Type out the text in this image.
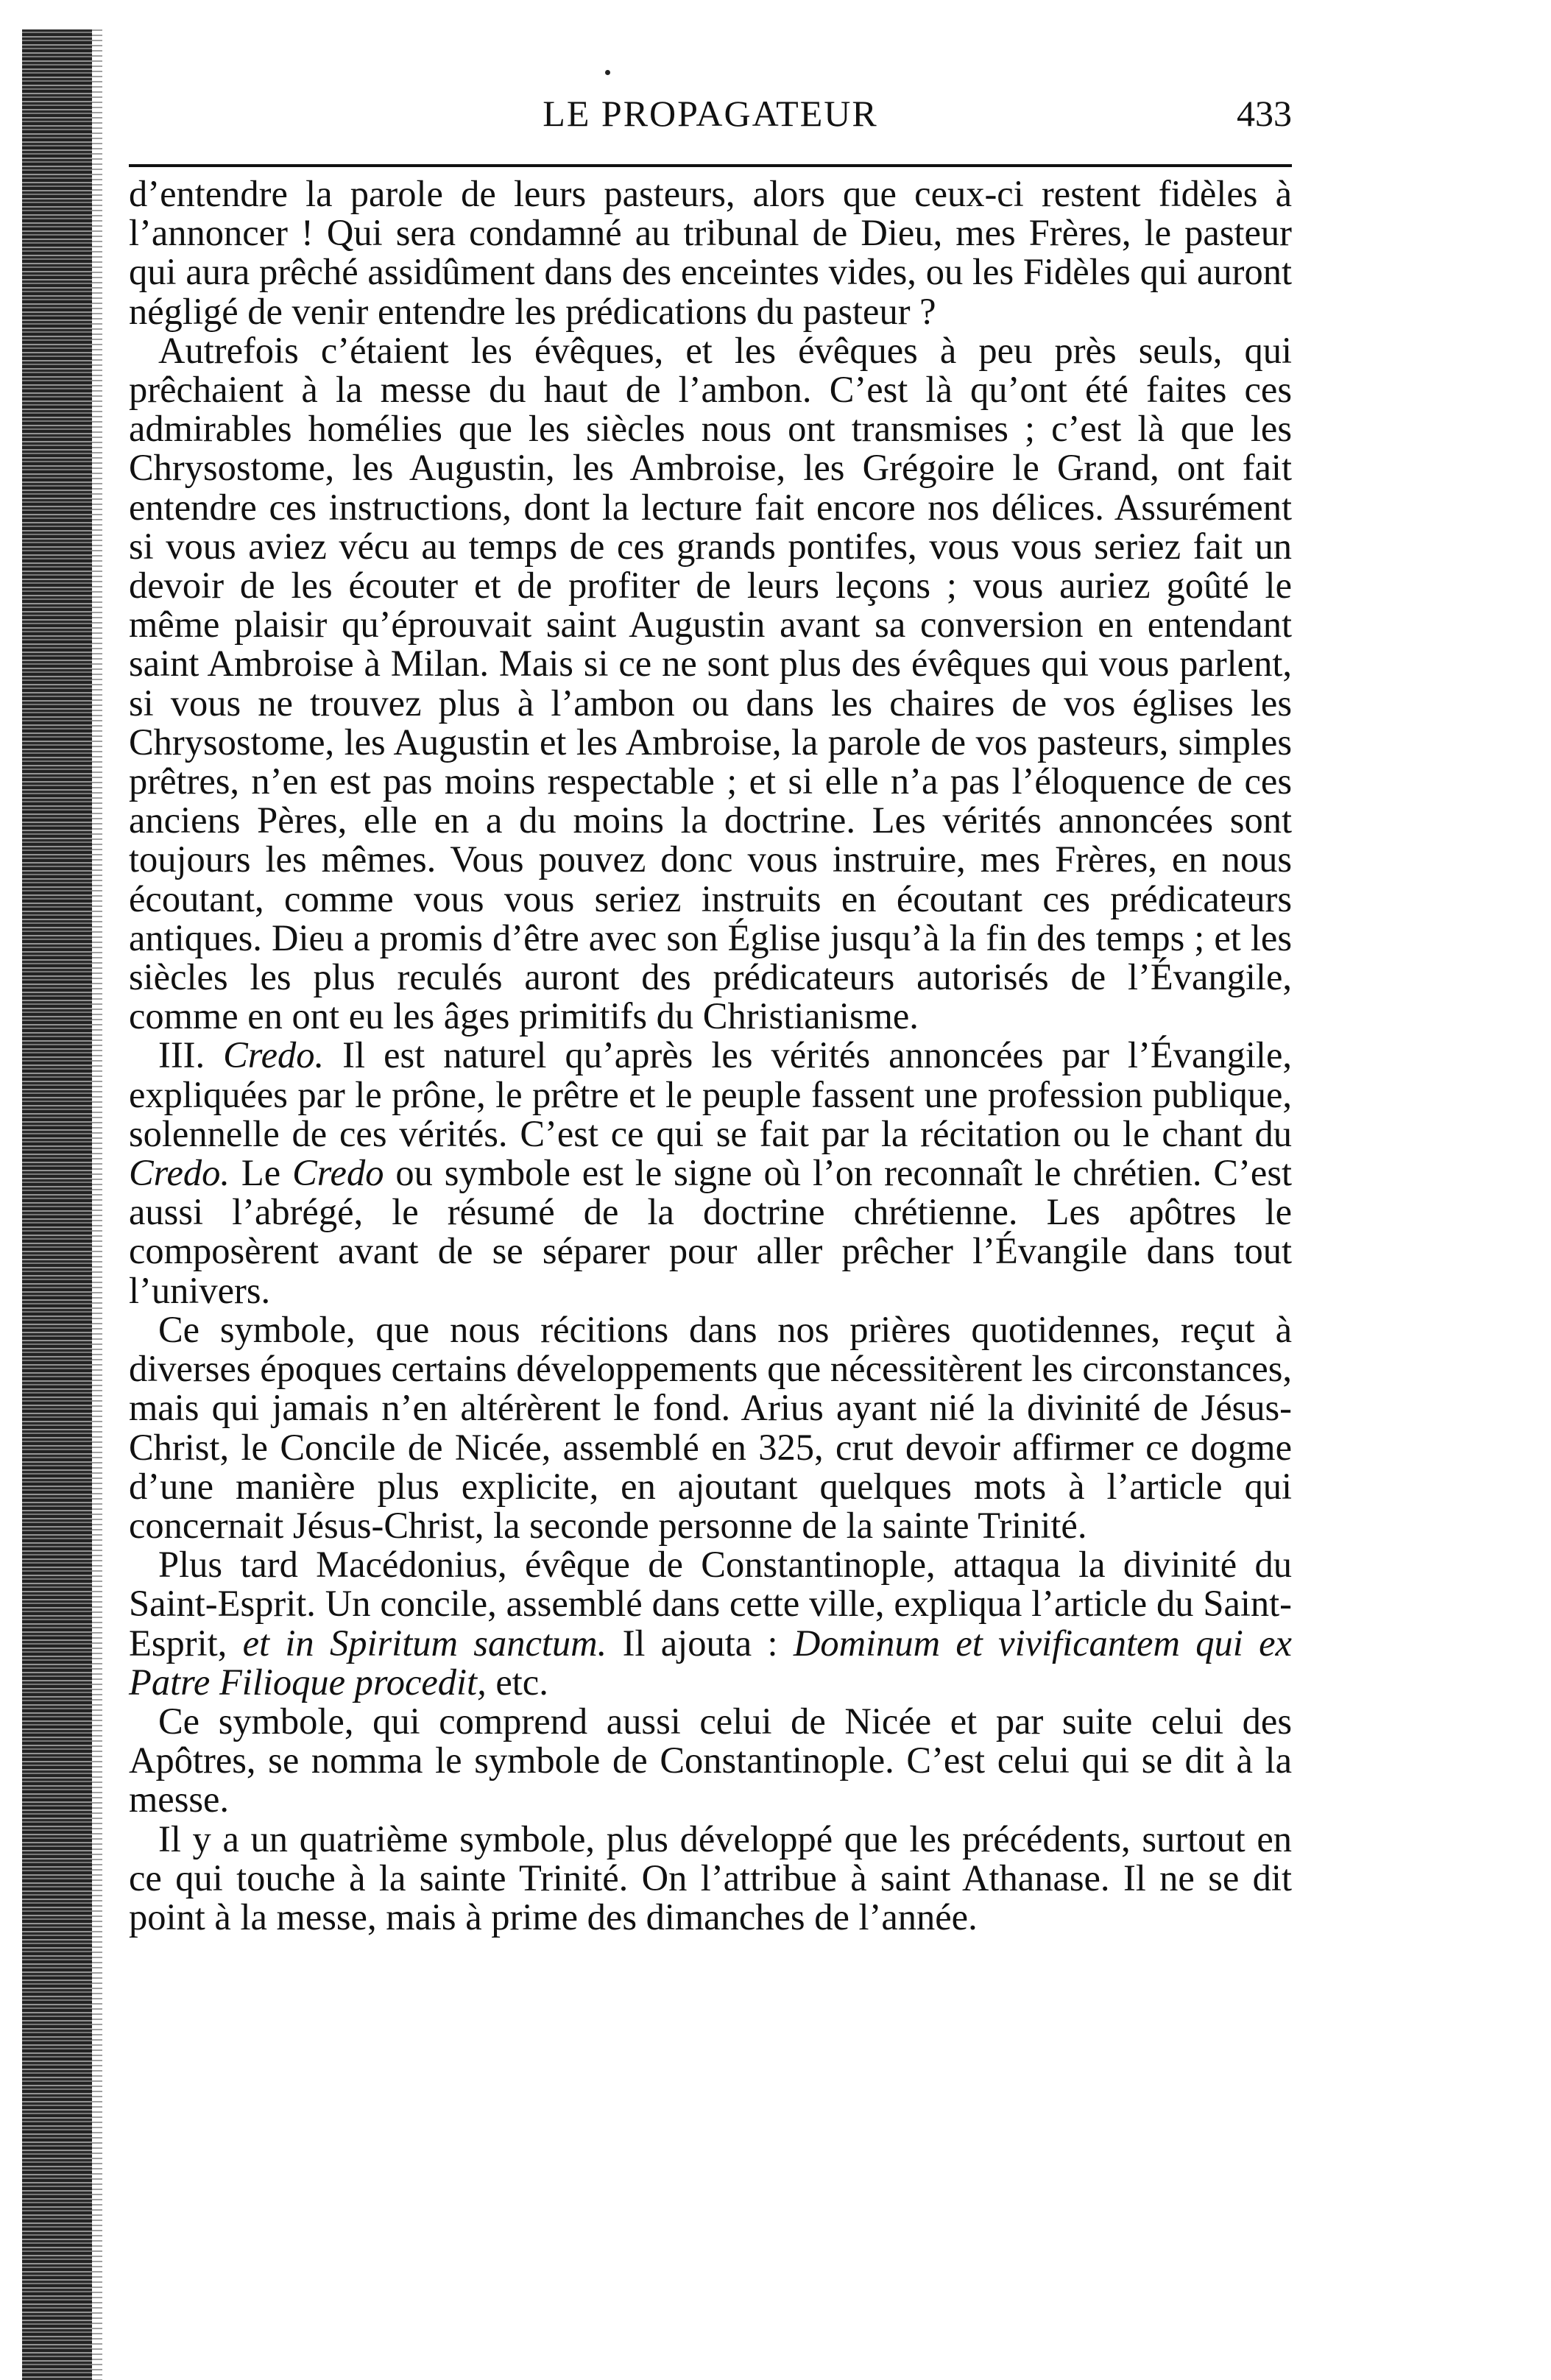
LE PROPAGATEUR	433

d’entendre la parole de leurs pasteurs, alors que ceux-ci restent fidèles à l’annoncer ! Qui sera condamné au tribunal de Dieu, mes Frères, le pasteur qui aura prêché assidûment dans des enceintes vides, ou les Fidèles qui auront négligé de venir entendre les prédications du pasteur ?

Autrefois c’étaient les évêques, et les évêques à peu près seuls, qui prêchaient à la messe du haut de l’ambon. C’est là qu’ont été faites ces admirables homélies que les siècles nous ont transmises ; c’est là que les Chrysostome, les Augustin, les Ambroise, les Grégoire le Grand, ont fait entendre ces instructions, dont la lecture fait encore nos délices. Assurément si vous aviez vécu au temps de ces grands pontifes, vous vous seriez fait un devoir de les écouter et de profiter de leurs leçons ; vous auriez goûté le même plaisir qu’éprouvait saint Augustin avant sa conversion en entendant saint Ambroise à Milan. Mais si ce ne sont plus des évêques qui vous parlent, si vous ne trouvez plus à l’ambon ou dans les chaires de vos églises les Chrysostome, les Augustin et les Ambroise, la parole de vos pasteurs, simples prêtres, n’en est pas moins respectable ; et si elle n’a pas l’éloquence de ces anciens Pères, elle en a du moins la doctrine. Les vérités annoncées sont toujours les mêmes. Vous pouvez donc vous instruire, mes Frères, en nous écoutant, comme vous vous seriez instruits en écoutant ces prédicateurs antiques. Dieu a promis d’être avec son Église jusqu’à la fin des temps ; et les siècles les plus reculés auront des prédicateurs autorisés de l’Évangile, comme en ont eu les âges primitifs du Christianisme.

III. Credo. Il est naturel qu’après les vérités annoncées par l’Évangile, expliquées par le prône, le prêtre et le peuple fassent une profession publique, solennelle de ces vérités. C’est ce qui se fait par la récitation ou le chant du Credo. Le Credo ou symbole est le signe où l’on reconnaît le chrétien. C’est aussi l’abrégé, le résumé de la doctrine chrétienne. Les apôtres le composèrent avant de se séparer pour aller prêcher l’Évangile dans tout l’univers.

Ce symbole, que nous récitions dans nos prières quotidennes, reçut à diverses époques certains développements que nécessitèrent les circonstances, mais qui jamais n’en altérèrent le fond. Arius ayant nié la divinité de Jésus-Christ, le Concile de Nicée, assemblé en 325, crut devoir affirmer ce dogme d’une manière plus explicite, en ajoutant quelques mots à l’article qui concernait Jésus-Christ, la seconde personne de la sainte Trinité.

Plus tard Macédonius, évêque de Constantinople, attaqua la divinité du Saint-Esprit. Un concile, assemblé dans cette ville, expliqua l’article du Saint-Esprit, et in Spiritum sanctum. Il ajouta : Dominum et vivificantem qui ex Patre Filioque procedit, etc.

Ce symbole, qui comprend aussi celui de Nicée et par suite celui des Apôtres, se nomma le symbole de Constantinople. C’est celui qui se dit à la messe.

Il y a un quatrième symbole, plus développé que les précédents, surtout en ce qui touche à la sainte Trinité. On l’attribue à saint Athanase. Il ne se dit point à la messe, mais à prime des dimanches de l’année.
